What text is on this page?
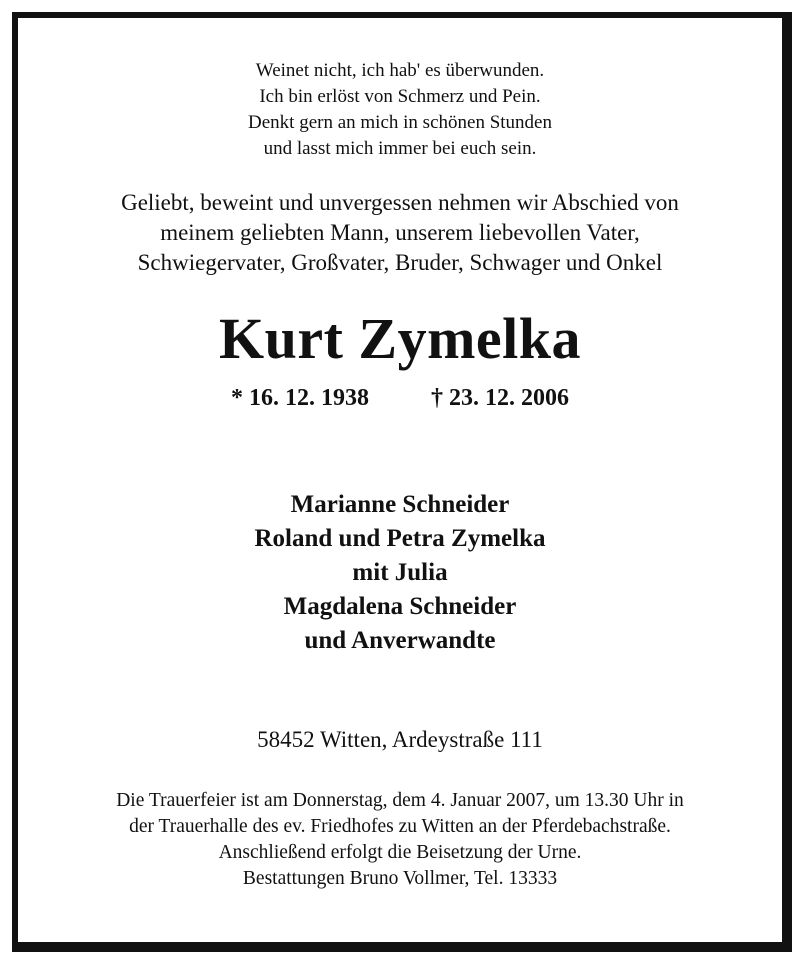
Weinet nicht, ich hab' es überwunden.
Ich bin erlöst von Schmerz und Pein.
Denkt gern an mich in schönen Stunden
und lasst mich immer bei euch sein.
Geliebt, beweint und unvergessen nehmen wir Abschied von
meinem geliebten Mann, unserem liebevollen Vater,
Schwiegervater, Großvater, Bruder, Schwager und Onkel
Kurt Zymelka
* 16. 12. 1938	† 23. 12. 2006
Marianne Schneider
Roland und Petra Zymelka
mit Julia
Magdalena Schneider
und Anverwandte
58452 Witten, Ardeystraße 111
Die Trauerfeier ist am Donnerstag, dem 4. Januar 2007, um 13.30 Uhr in
der Trauerhalle des ev. Friedhofes zu Witten an der Pferdebachstraße.
Anschließend erfolgt die Beisetzung der Urne.
Bestattungen Bruno Vollmer, Tel. 13333
